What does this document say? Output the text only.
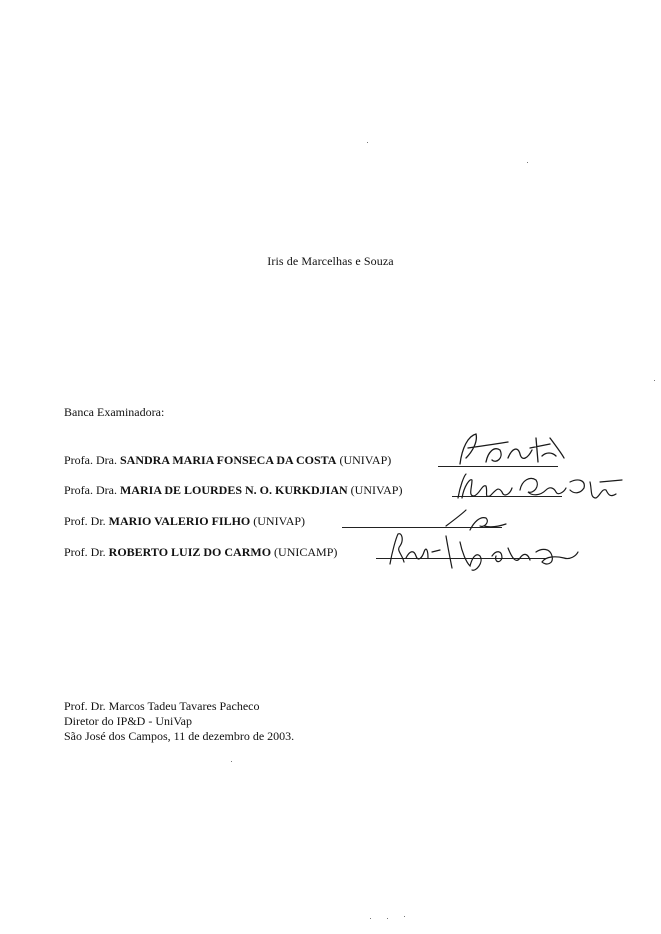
Iris de Marcelhas e Souza
Banca Examinadora:
Profa. Dra. SANDRA MARIA FONSECA DA COSTA (UNIVAP)
Profa. Dra. MARIA DE LOURDES N. O. KURKDJIAN (UNIVAP)
Prof. Dr. MARIO VALERIO FILHO (UNIVAP)
Prof. Dr. ROBERTO LUIZ DO CARMO (UNICAMP)
Prof. Dr. Marcos Tadeu Tavares Pacheco
Diretor do IP&D - UniVap
São José dos Campos, 11 de dezembro de 2003.
